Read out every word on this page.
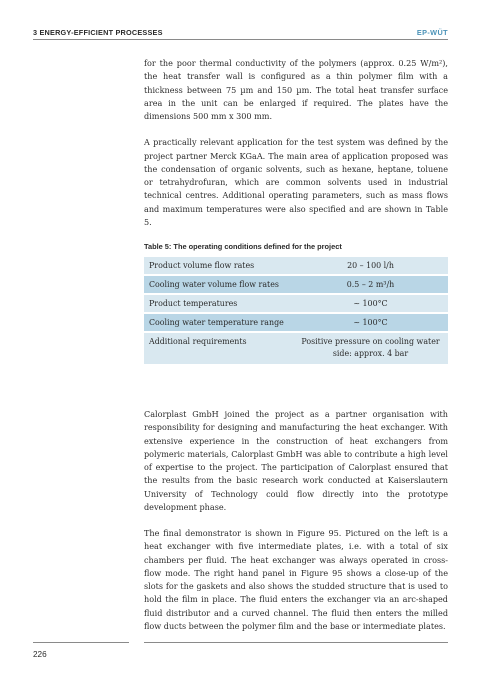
3 ENERGY-EFFICIENT PROCESSES	EP-WÜT

for the poor thermal conductivity of the polymers (approx. 0.25 W/m²), the heat transfer wall is configured as a thin polymer film with a thickness between 75 µm and 150 µm. The total heat transfer surface area in the unit can be enlarged if required. The plates have the dimensions 500 mm x 300 mm.

A practically relevant application for the test system was defined by the project partner Merck KGaA. The main area of application proposed was the condensation of organic solvents, such as hexane, heptane, toluene or tetrahydrofuran, which are common solvents used in industrial technical centres. Additional operating parameters, such as mass flows and maximum temperatures were also specified and are shown in Table 5.

Table 5: The operating conditions defined for the project
Product volume flow rates	20 – 100 l/h
Cooling water volume flow rates	0.5 – 2 m³/h
Product temperatures	~ 100°C
Cooling water temperature range	~ 100°C
Additional requirements	Positive pressure on cooling water side: approx. 4 bar

Calorplast GmbH joined the project as a partner organisation with responsibility for designing and manufacturing the heat exchanger. With extensive experience in the construction of heat exchangers from polymeric materials, Calorplast GmbH was able to contribute a high level of expertise to the project. The participation of Calorplast ensured that the results from the basic research work conducted at Kaiserslautern University of Technology could flow directly into the prototype development phase.

The final demonstrator is shown in Figure 95. Pictured on the left is a heat exchanger with five intermediate plates, i.e. with a total of six chambers per fluid. The heat exchanger was always operated in cross-flow mode. The right hand panel in Figure 95 shows a close-up of the slots for the gaskets and also shows the studded structure that is used to hold the film in place. The fluid enters the exchanger via an arc-shaped fluid distributor and a curved channel. The fluid then enters the milled flow ducts between the polymer film and the base or intermediate plates.

226
